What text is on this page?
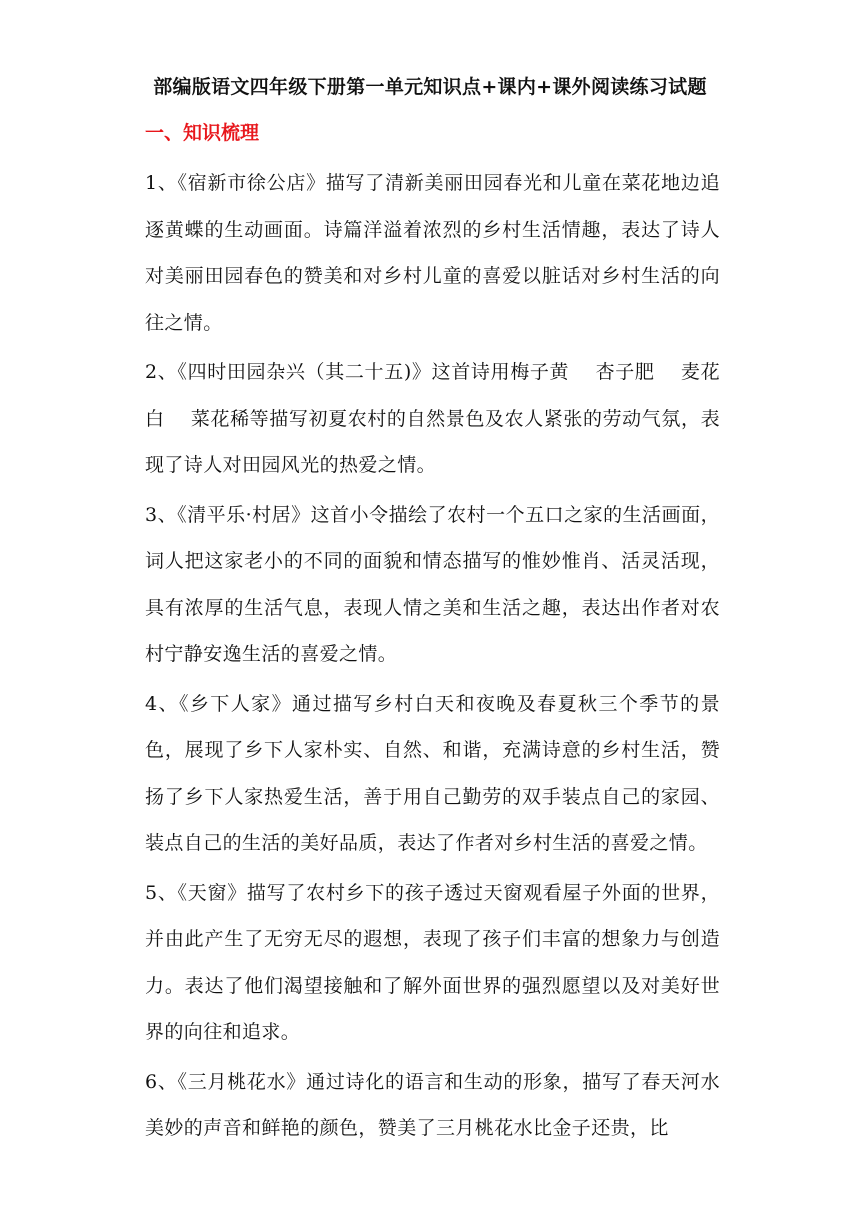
部编版语文四年级下册第一单元知识点+课内+课外阅读练习试题
一、知识梳理

1、《宿新市徐公店》描写了清新美丽田园春光和儿童在菜花地边追逐黄蝶的生动画面。诗篇洋溢着浓烈的乡村生活情趣，表达了诗人对美丽田园春色的赞美和对乡村儿童的喜爱以脏话对乡村生活的向往之情。

2、《四时田园杂兴（其二十五)》这首诗用梅子黄　 杏子肥　 麦花白　 菜花稀等描写初夏农村的自然景色及农人紧张的劳动气氛，表现了诗人对田园风光的热爱之情。

3、《清平乐·村居》这首小令描绘了农村一个五口之家的生活画面，词人把这家老小的不同的面貌和情态描写的惟妙惟肖、活灵活现，具有浓厚的生活气息，表现人情之美和生活之趣，表达出作者对农村宁静安逸生活的喜爱之情。

4、《乡下人家》通过描写乡村白天和夜晚及春夏秋三个季节的景色，展现了乡下人家朴实、自然、和谐，充满诗意的乡村生活，赞扬了乡下人家热爱生活，善于用自己勤劳的双手装点自己的家园、装点自己的生活的美好品质，表达了作者对乡村生活的喜爱之情。

5、《天窗》描写了农村乡下的孩子透过天窗观看屋子外面的世界，并由此产生了无穷无尽的遐想，表现了孩子们丰富的想象力与创造力。表达了他们渴望接触和了解外面世界的强烈愿望以及对美好世界的向往和追求。

6、《三月桃花水》通过诗化的语言和生动的形象，描写了春天河水美妙的声音和鲜艳的颜色，赞美了三月桃花水比金子还贵，比
